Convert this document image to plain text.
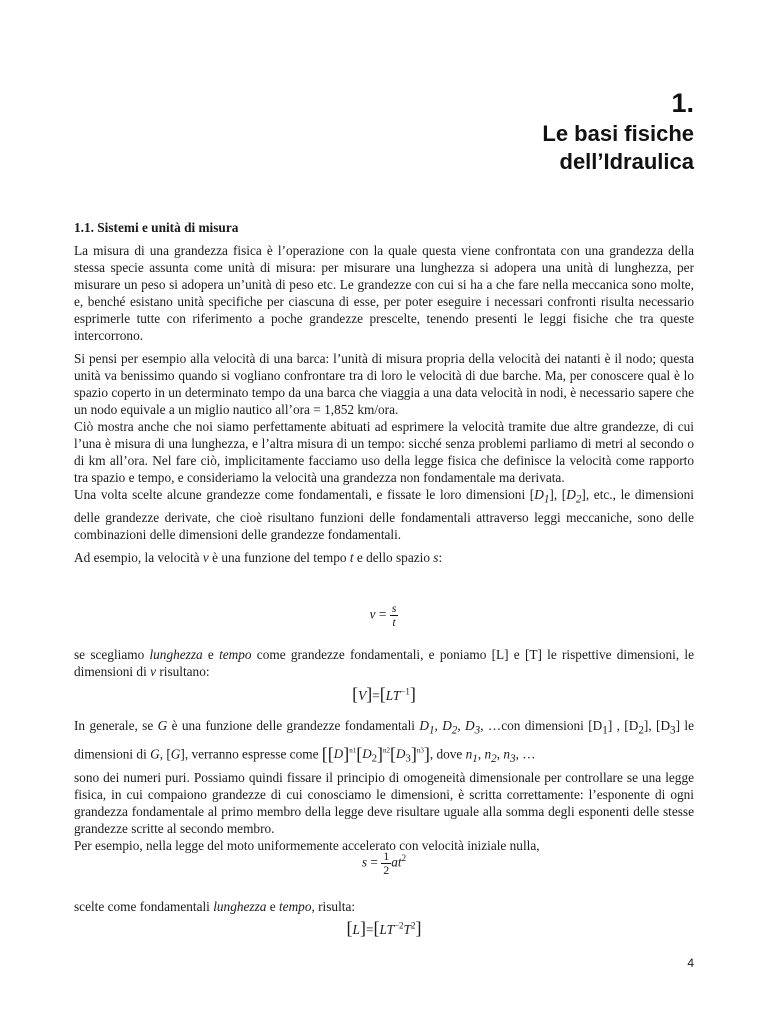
1.
Le basi fisiche
dell’Idraulica
1.1. Sistemi e unità di misura

La misura di una grandezza fisica è l’operazione con la quale questa viene confrontata con una grandezza della stessa specie assunta come unità di misura: per misurare una lunghezza si adopera una unità di lunghezza, per misurare un peso si adopera un’unità di peso etc. Le grandezze con cui si ha a che fare nella meccanica sono molte, e, benché esistano unità specifiche per ciascuna di esse, per poter eseguire i necessari confronti risulta necessario esprimerle tutte con riferimento a poche grandezze prescelte, tenendo presenti le leggi fisiche che tra queste intercorrono.

Si pensi per esempio alla velocità di una barca: l’unità di misura propria della velocità dei natanti è il nodo; questa unità va benissimo quando si vogliano confrontare tra di loro le velocità di due barche. Ma, per conoscere qual è lo spazio coperto in un determinato tempo da una barca che viaggia a una data velocità in nodi, è necessario sapere che un nodo equivale a un miglio nautico all’ora = 1,852 km/ora.

Ciò mostra anche che noi siamo perfettamente abituati ad esprimere la velocità tramite due altre grandezze, di cui l’una è misura di una lunghezza, e l’altra misura di un tempo: sicché senza problemi parliamo di metri al secondo o di km all’ora. Nel fare ciò, implicitamente facciamo uso della legge fisica che definisce la velocità come rapporto tra spazio e tempo, e consideriamo la velocità una grandezza non fondamentale ma derivata.

Una volta scelte alcune grandezze come fondamentali, e fissate le loro dimensioni $[D_1]$, $[D_2]$, etc., le dimensioni delle grandezze derivate, che cioè risultano funzioni delle fondamentali attraverso leggi meccaniche, sono delle combinazioni delle dimensioni delle grandezze fondamentali.

Ad esempio, la velocità v è una funzione del tempo t e dello spazio s:

$v = \frac{s}{t}$

se scegliamo lunghezza e tempo come grandezze fondamentali, e poniamo [L] e [T] le rispettive dimensioni, le dimensioni di v risultano:

$[V]=[LT^{-1}]$

In generale, se G è una funzione delle grandezze fondamentali $D_1$, $D_2$, $D_3$, …con dimensioni $[D_1]$ , $[D_2]$, $[D_3]$ le dimensioni di G, [G], verranno espresse come $[[D]^{n1}[D_2]^{n2}[D_3]^{n3}]$, dove $n_1$, $n_2$, $n_3$, …

sono dei numeri puri. Possiamo quindi fissare il principio di omogeneità dimensionale per controllare se una legge fisica, in cui compaiono grandezze di cui conosciamo le dimensioni, è scritta correttamente: l’esponente di ogni grandezza fondamentale al primo membro della legge deve risultare uguale alla somma degli esponenti delle stesse grandezze scritte al secondo membro.

Per esempio, nella legge del moto uniformemente accelerato con velocità iniziale nulla,

$s = \frac{1}{2} at^2$

scelte come fondamentali lunghezza e tempo, risulta:

$[L]=[LT^{-2}T^2]$
4
